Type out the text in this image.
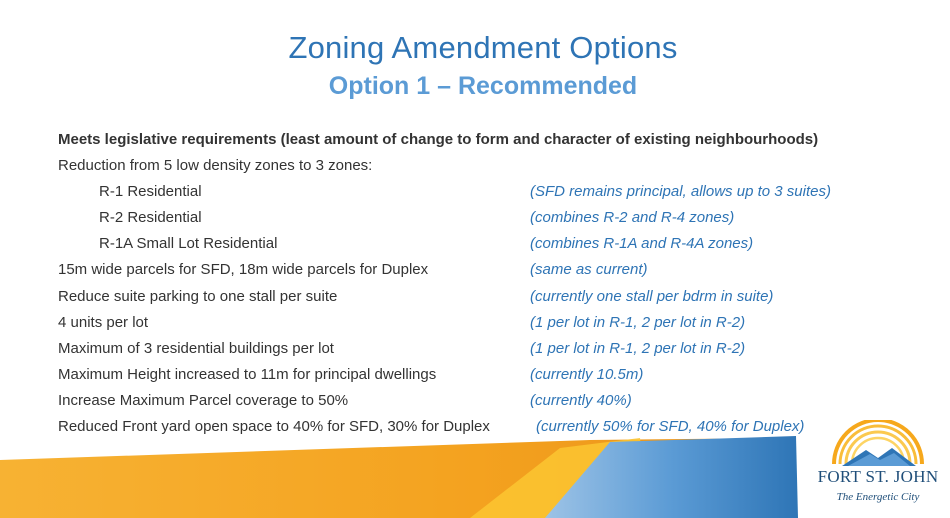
Zoning Amendment Options
Option 1 – Recommended
Meets legislative requirements (least amount of change to form and character of existing neighbourhoods)
Reduction from 5 low density zones to 3 zones:
R-1 Residential	(SFD remains principal, allows up to 3 suites)
R-2 Residential	(combines R-2 and R-4 zones)
R-1A Small Lot Residential	(combines R-1A and R-4A zones)
15m wide parcels for SFD, 18m wide parcels for Duplex	(same as current)
Reduce suite parking to one stall per suite	(currently one stall per bdrm in suite)
4 units per lot	(1 per lot in R-1, 2 per lot in R-2)
Maximum of 3 residential buildings per lot	(1 per lot in R-1, 2 per lot in R-2)
Maximum Height increased to 11m for principal dwellings	(currently 10.5m)
Increase Maximum Parcel coverage to 50%	(currently 40%)
Reduced Front yard open space to 40% for SFD, 30% for Duplex	(currently 50% for SFD, 40% for Duplex)
FORT ST. JOHN
The Energetic City
